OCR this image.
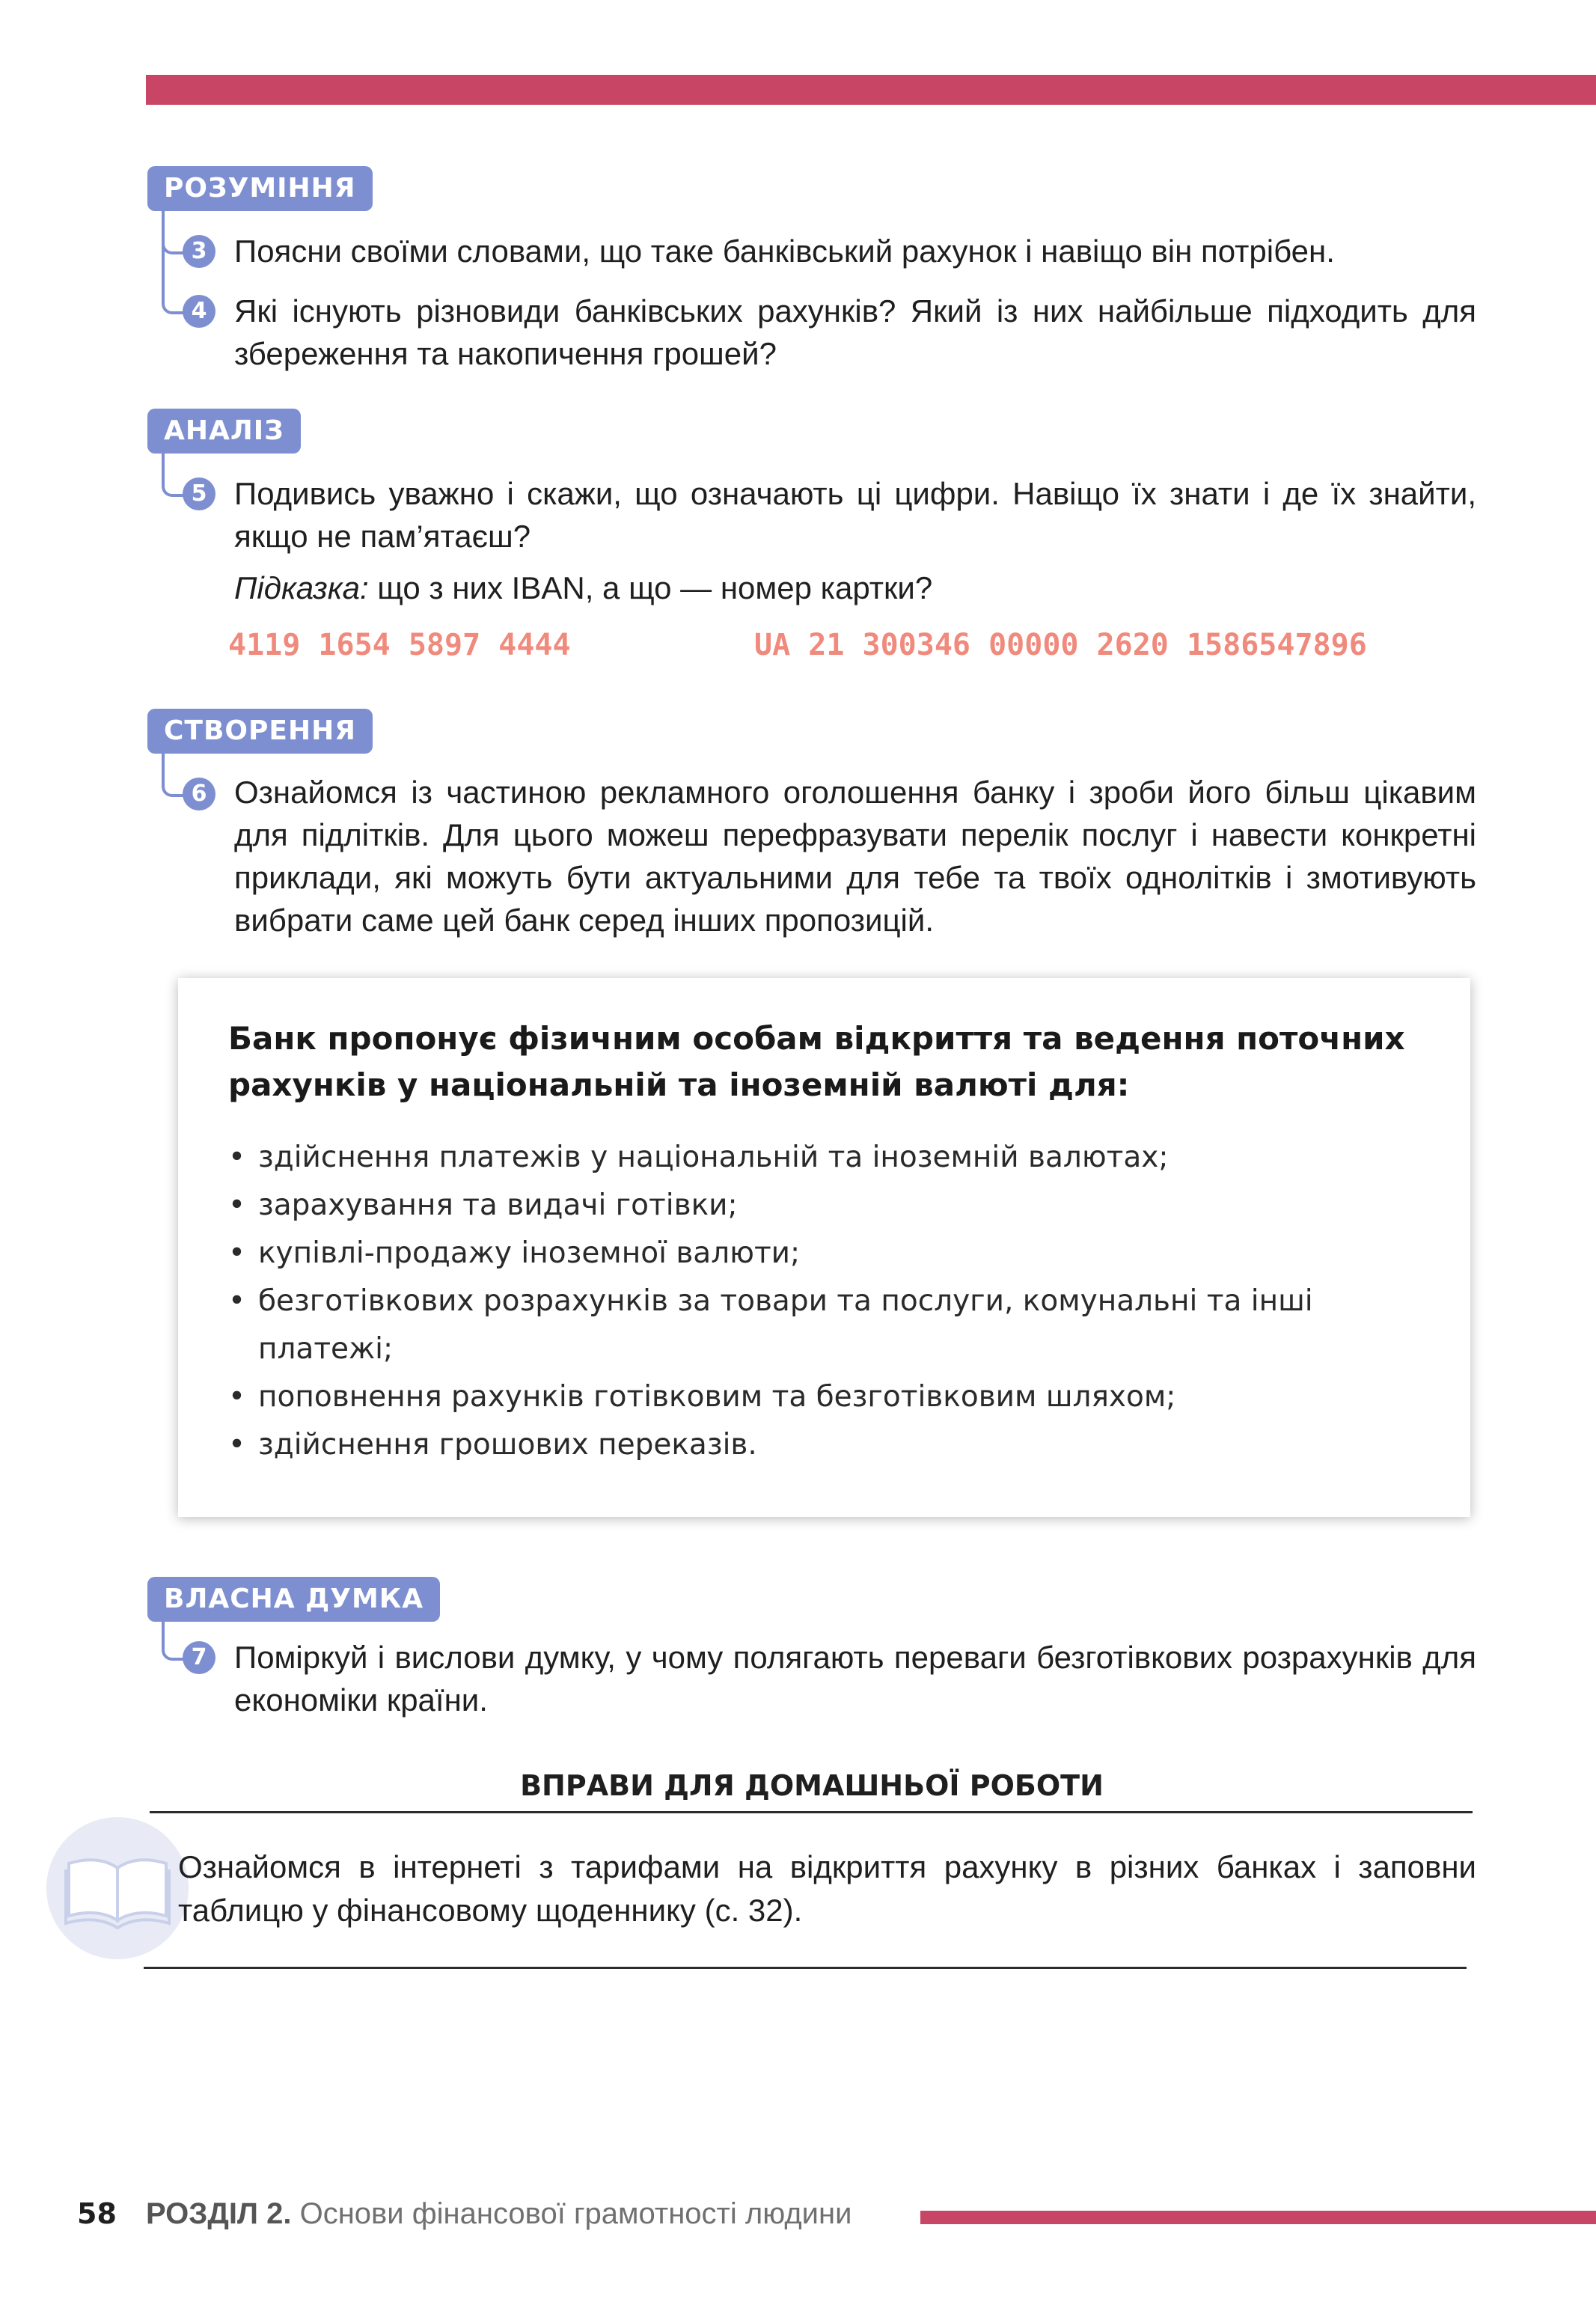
РОЗУМІННЯ
3 Поясни своїми словами, що таке банківський рахунок і навіщо він потрібен.

4 Які існують різновиди банківських рахунків? Який із них найбільше підходить для збереження та накопичення грошей?

АНАЛІЗ
5 Подивись уважно і скажи, що означають ці цифри. Навіщо їх знати і де їх знайти, якщо не пам’ятаєш?

Підказка: що з них IBAN, а що — номер картки?

4119 1654 5897 4444	UA 21 300346 00000 2620 1586547896
СТВОРЕННЯ
6 Ознайомся із частиною рекламного оголошення банку і зроби його більш цікавим для підлітків. Для цього можеш перефразувати перелік послуг і навести конкретні приклади, які можуть бути актуальними для тебе та твоїх однолітків і змотивують вибрати саме цей банк серед інших пропозицій.

Банк пропонує фізичним особам відкриття та ведення поточних рахунків у національній та іноземній валюті для:

• здійснення платежів у національній та іноземній валютах;
• зарахування та видачі готівки;
• купівлі-продажу іноземної валюти;
• безготівкових розрахунків за товари та послуги, комунальні та інші платежі;
• поповнення рахунків готівковим та безготівковим шляхом;
• здійснення грошових переказів.
ВЛАСНА ДУМКА
7 Поміркуй і вислови думку, у чому полягають переваги безготівкових розрахунків для економіки країни.

ВПРАВИ ДЛЯ ДОМАШНЬОЇ РОБОТИ

Ознайомся в інтернеті з тарифами на відкриття рахунку в різних банках і заповни таблицю у фінансовому щоденнику (с. 32).

58 РОЗДІЛ 2. Основи фінансової грамотності людини
